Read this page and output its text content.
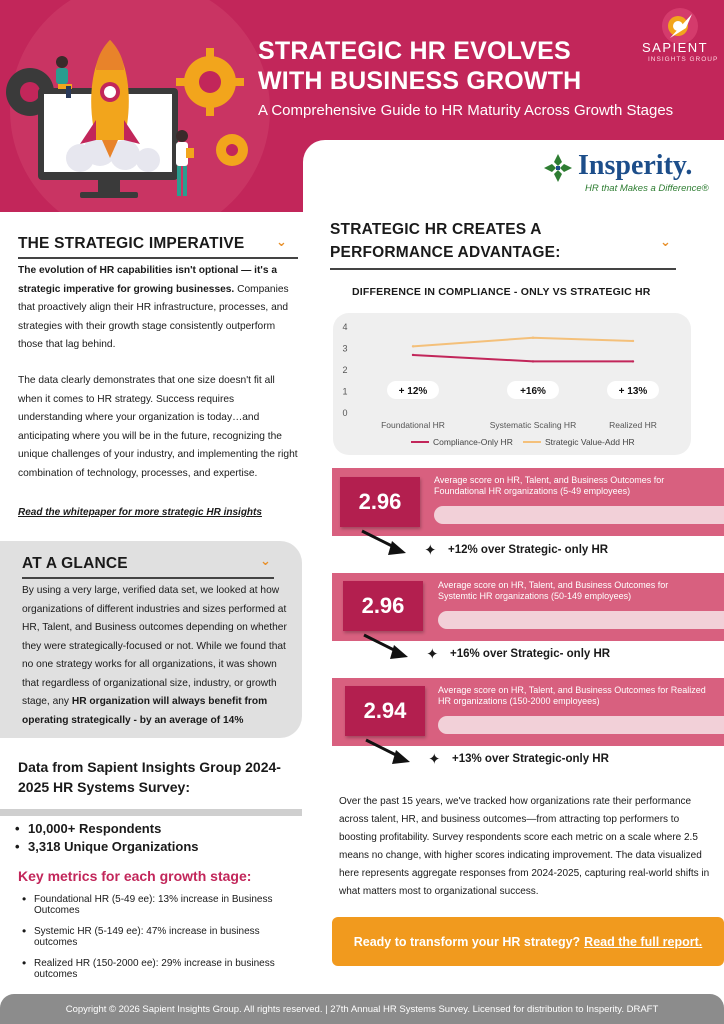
STRATEGIC HR EVOLVES WITH BUSINESS GROWTH
A Comprehensive Guide to HR Maturity Across Growth Stages
SAPIENT
INSIGHTS GROUP
Insperity.
HR that Makes a Difference®
THE STRATEGIC IMPERATIVE ⌄
The evolution of HR capabilities isn't optional — it's a strategic imperative for growing businesses. Companies that proactively align their HR infrastructure, processes, and strategies with their growth stage consistently outperform those that lag behind.
The data clearly demonstrates that one size doesn't fit all when it comes to HR strategy. Success requires understanding where your organization is today…and anticipating where you will be in the future, recognizing the unique challenges of your industry, and implementing the right combination of technology, processes, and expertise.
Read the whitepaper for more strategic HR insights
AT A GLANCE	⌄
By using a very large, verified data set, we looked at how organizations of different industries and sizes performed at HR, Talent, and Business outcomes depending on whether they were strategically-focused or not. While we found that no one strategy works for all organizations, it was shown that regardless of organizational size, industry, or growth stage, any HR organization will always benefit from operating strategically - by an average of 14%
Data from Sapient Insights Group 2024-2025 HR Systems Survey:
• 10,000+ Respondents
• 3,318 Unique Organizations
Key metrics for each growth stage:
• Foundational HR (5-49 ee): 13% increase in Business Outcomes
• Systemic HR (5-149 ee): 47% increase in business outcomes
• Realized HR (150-2000 ee): 29% increase in business outcomes
STRATEGIC HR CREATES A
PERFORMANCE ADVANTAGE:
⌄
DIFFERENCE IN COMPLIANCE - ONLY VS STRATEGIC HR
0
1
2
3
4
Foundational HR	Systematic Scaling HR	Realized HR
+ 12%	+16%	+ 13%
Compliance-Only HR	Strategic Value-Add HR
Average score on HR, Talent, and Business Outcomes for Foundational HR organizations (5-49 employees)
2.96
✦ +12% over Strategic- only HR
Average score on HR, Talent, and Business Outcomes for Systemtic HR organizations (50-149 employees)
2.96
✦ +16% over Strategic- only HR
Average score on HR, Talent, and Business Outcomes for Realized HR organizations (150-2000 employees)
2.94
✦ +13% over Strategic-only HR
Over the past 15 years, we've tracked how organizations rate their performance across talent, HR, and business outcomes—from attracting top performers to boosting profitability. Survey respondents score each metric on a scale where 2.5 means no change, with higher scores indicating improvement. The data visualized here represents aggregate responses from 2024-2025, capturing real-world shifts in what matters most to organizational success.
Ready to transform your HR strategy? Read the full report.
Copyright © 2026 Sapient Insights Group. All rights reserved. | 27th Annual HR Systems Survey. Licensed for distribution to Insperity. DRAFT
